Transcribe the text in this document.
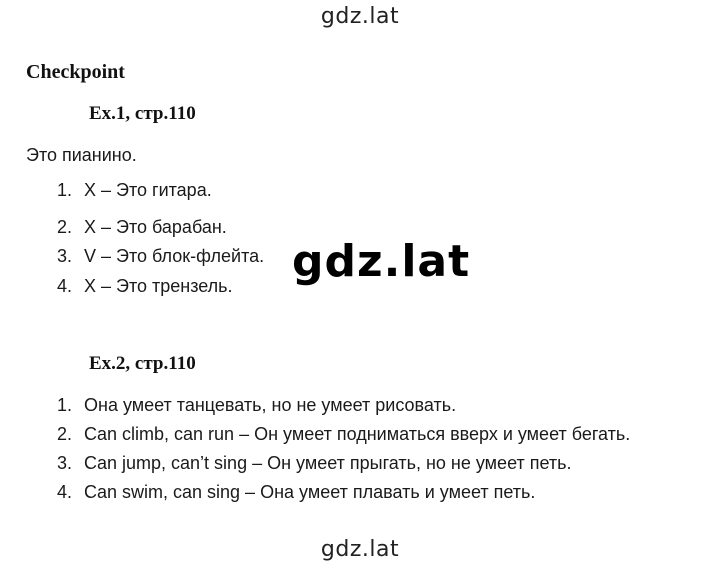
gdz.lat
Checkpoint
Ex.1, стр.110
Это пианино.
1. X – Это гитара.
2. X – Это барабан.
3. V – Это блок-флейта.
4. X – Это трензель. gdz.lat
Ex.2, стр.110
1. Она умеет танцевать, но не умеет рисовать.
2. Can climb, can run – Он умеет подниматься вверх и умеет бегать.
3. Can jump, can’t sing – Он умеет прыгать, но не умеет петь.
4. Can swim, can sing – Она умеет плавать и умеет петь.
gdz.lat
